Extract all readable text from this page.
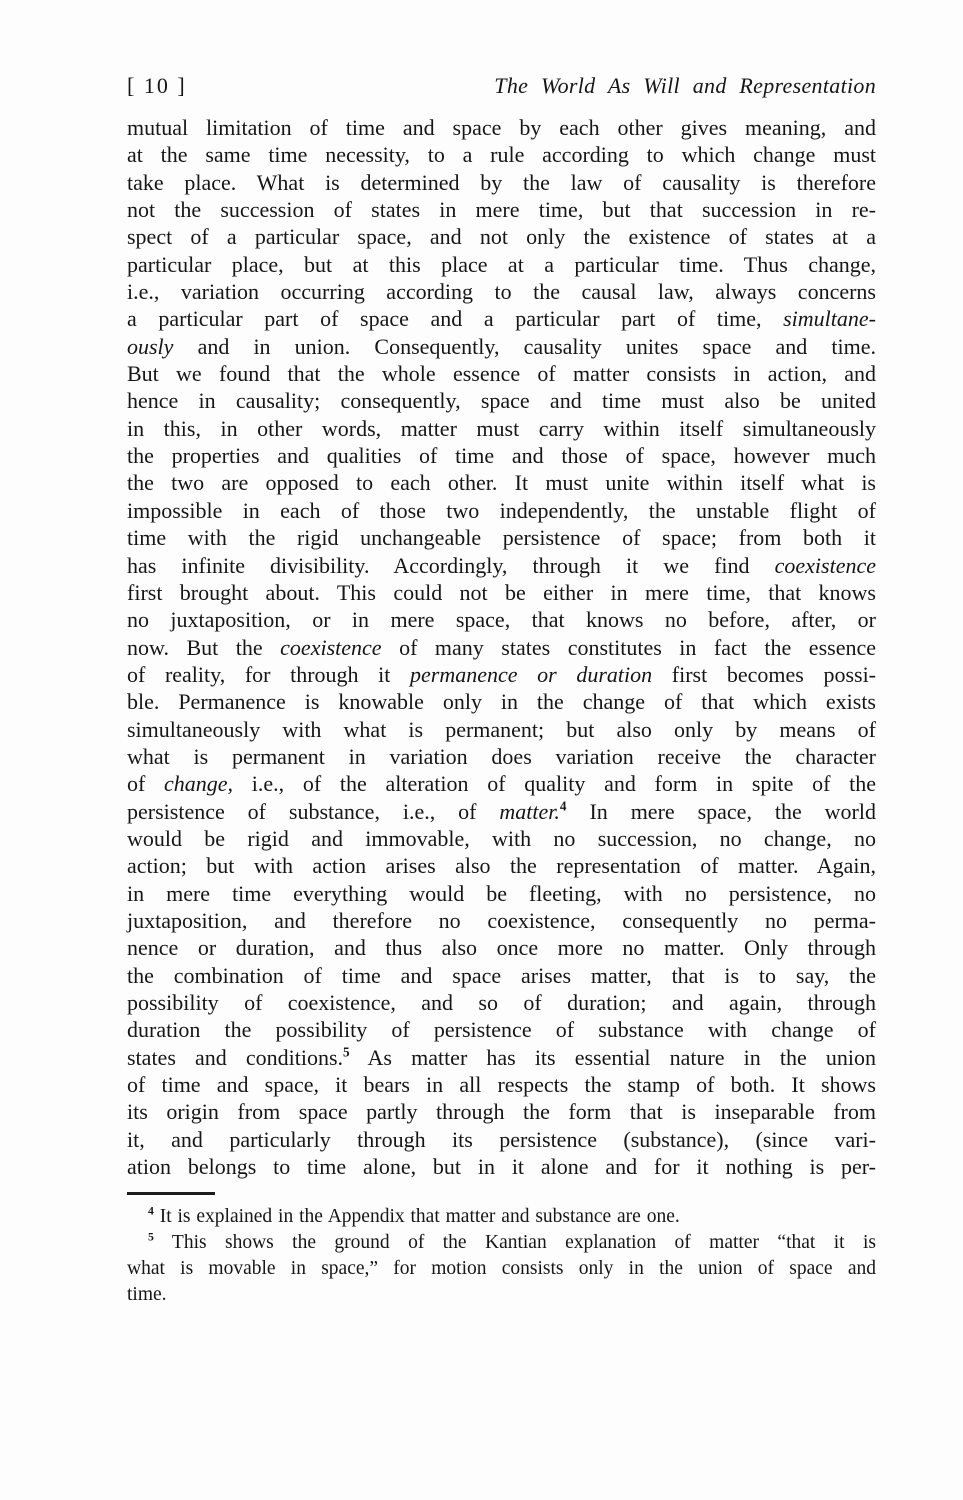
[ 10 ]	The World As Will and Representation
mutual limitation of time and space by each other gives meaning, and
at the same time necessity, to a rule according to which change must
take place. What is determined by the law of causality is therefore
not the succession of states in mere time, but that succession in re-
spect of a particular space, and not only the existence of states at a
particular place, but at this place at a particular time. Thus change,
i.e., variation occurring according to the causal law, always concerns
a particular part of space and a particular part of time, simultane-
ously and in union. Consequently, causality unites space and time.
But we found that the whole essence of matter consists in action, and
hence in causality; consequently, space and time must also be united
in this, in other words, matter must carry within itself simultaneously
the properties and qualities of time and those of space, however much
the two are opposed to each other. It must unite within itself what is
impossible in each of those two independently, the unstable flight of
time with the rigid unchangeable persistence of space; from both it
has infinite divisibility. Accordingly, through it we find coexistence
first brought about. This could not be either in mere time, that knows
no juxtaposition, or in mere space, that knows no before, after, or
now. But the coexistence of many states constitutes in fact the essence
of reality, for through it permanence or duration first becomes possi-
ble. Permanence is knowable only in the change of that which exists
simultaneously with what is permanent; but also only by means of
what is permanent in variation does variation receive the character
of change, i.e., of the alteration of quality and form in spite of the
persistence of substance, i.e., of matter.$^4$ In mere space, the world
would be rigid and immovable, with no succession, no change, no
action; but with action arises also the representation of matter. Again,
in mere time everything would be fleeting, with no persistence, no
juxtaposition, and therefore no coexistence, consequently no perma-
nence or duration, and thus also once more no matter. Only through
the combination of time and space arises matter, that is to say, the
possibility of coexistence, and so of duration; and again, through
duration the possibility of persistence of substance with change of
states and conditions.$^5$ As matter has its essential nature in the union
of time and space, it bears in all respects the stamp of both. It shows
its origin from space partly through the form that is inseparable from
it, and particularly through its persistence (substance), (since vari-
ation belongs to time alone, but in it alone and for it nothing is per-
$^4$ It is explained in the Appendix that matter and substance are one.
$^5$ This shows the ground of the Kantian explanation of matter “that it is
what is movable in space,” for motion consists only in the union of space and
time.
